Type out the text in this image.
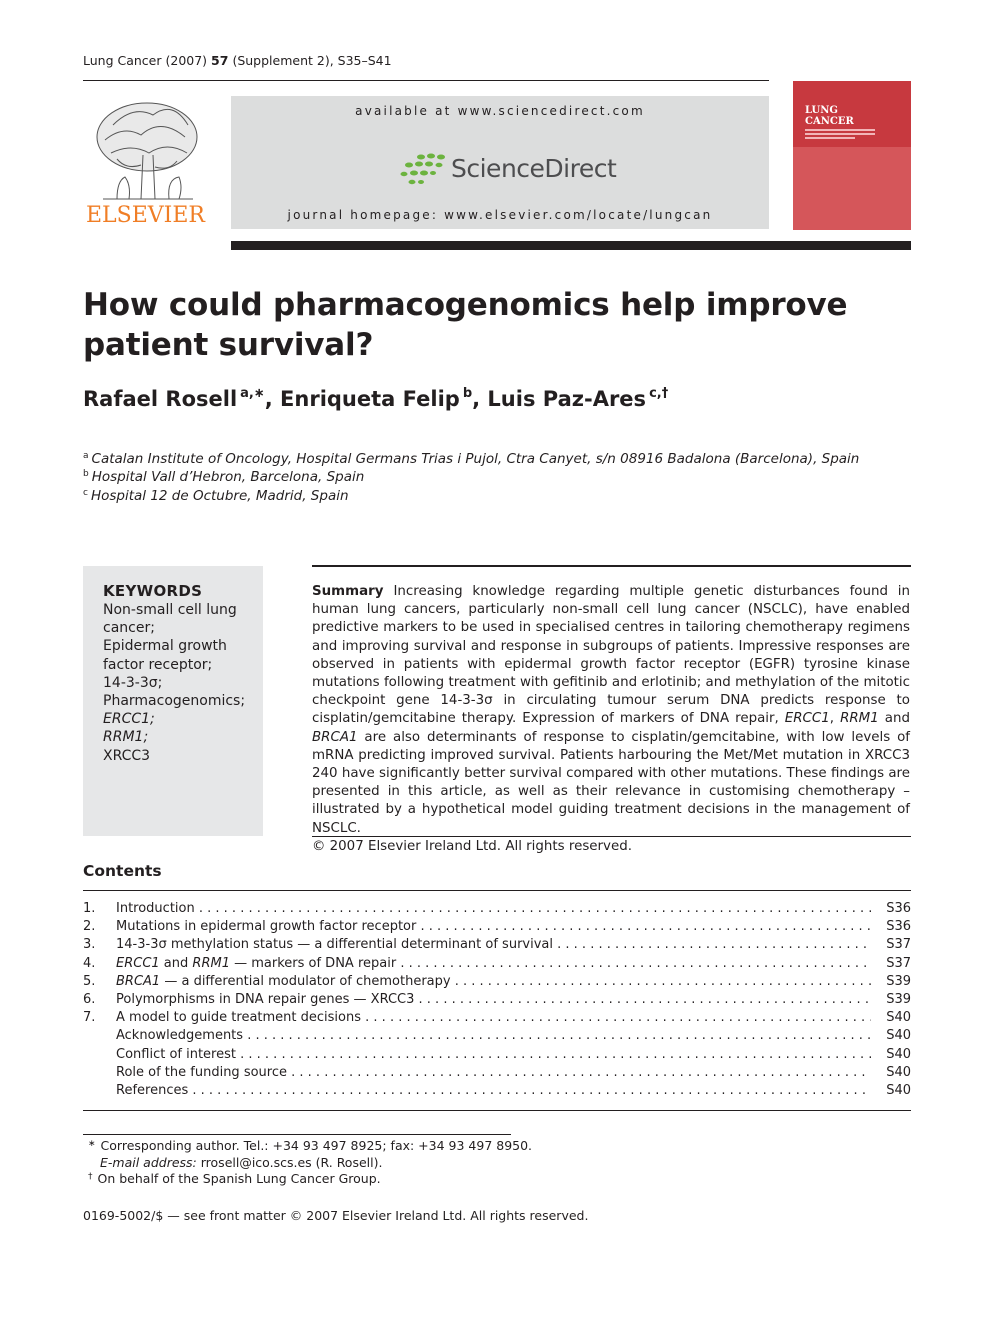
Lung Cancer (2007) 57 (Supplement 2), S35–S41
ELSEVIER
available at www.sciencedirect.com
ScienceDirect
journal homepage: www.elsevier.com/locate/lungcan
LUNG
CANCER
How could pharmacogenomics help improve patient survival?
Rafael Rosell $^{a,∗}$, Enriqueta Felip $^b$, Luis Paz-Ares $^{c,\dagger}$
$^a$ Catalan Institute of Oncology, Hospital Germans Trias i Pujol, Ctra Canyet, s/n 08916 Badalona (Barcelona), Spain
$^b$ Hospital Vall d’Hebron, Barcelona, Spain
$^c$ Hospital 12 de Octubre, Madrid, Spain
KEYWORDS
Non-small cell lung
cancer;
Epidermal growth
factor receptor;
14-3-3σ;
Pharmacogenomics;
ERCC1;
RRM1;
XRCC3
Summary Increasing knowledge regarding multiple genetic disturbances found in human lung cancers, particularly non-small cell lung cancer (NSCLC), have enabled predictive markers to be used in specialised centres in tailoring chemotherapy regimens and improving survival and response in subgroups of patients. Impressive responses are observed in patients with epidermal growth factor receptor (EGFR) tyrosine kinase mutations following treatment with gefitinib and erlotinib; and methylation of the mitotic checkpoint gene 14-3-3σ in circulating tumour serum DNA predicts response to cisplatin/gemcitabine therapy. Expression of markers of DNA repair, ERCC1, RRM1 and BRCA1 are also determinants of response to cisplatin/gemcitabine, with low levels of mRNA predicting improved survival. Patients harbouring the Met/Met mutation in XRCC3 240 have significantly better survival compared with other mutations. These findings are presented in this article, as well as their relevance in customising chemotherapy – illustrated by a hypothetical model guiding treatment decisions in the management of NSCLC.
© 2007 Elsevier Ireland Ltd. All rights reserved.
Contents
1. Introduction . . .	S36
2. Mutations in epidermal growth factor receptor . . .	S36
3. 14-3-3σ methylation status — a differential determinant of survival . . .	S37
4. ERCC1 and RRM1 — markers of DNA repair . . .	S37
5. BRCA1 — a differential modulator of chemotherapy . . .	S39
6. Polymorphisms in DNA repair genes — XRCC3 . . .	S39
7. A model to guide treatment decisions . . .	S40
Acknowledgements . . .	S40
Conflict of interest . . .	S40
Role of the funding source . . .	S40
References . . .	S40
∗ Corresponding author. Tel.: +34 93 497 8925; fax: +34 93 497 8950.
E-mail address: rrosell@ico.scs.es (R. Rosell).
† On behalf of the Spanish Lung Cancer Group.
0169-5002/$ — see front matter © 2007 Elsevier Ireland Ltd. All rights reserved.
